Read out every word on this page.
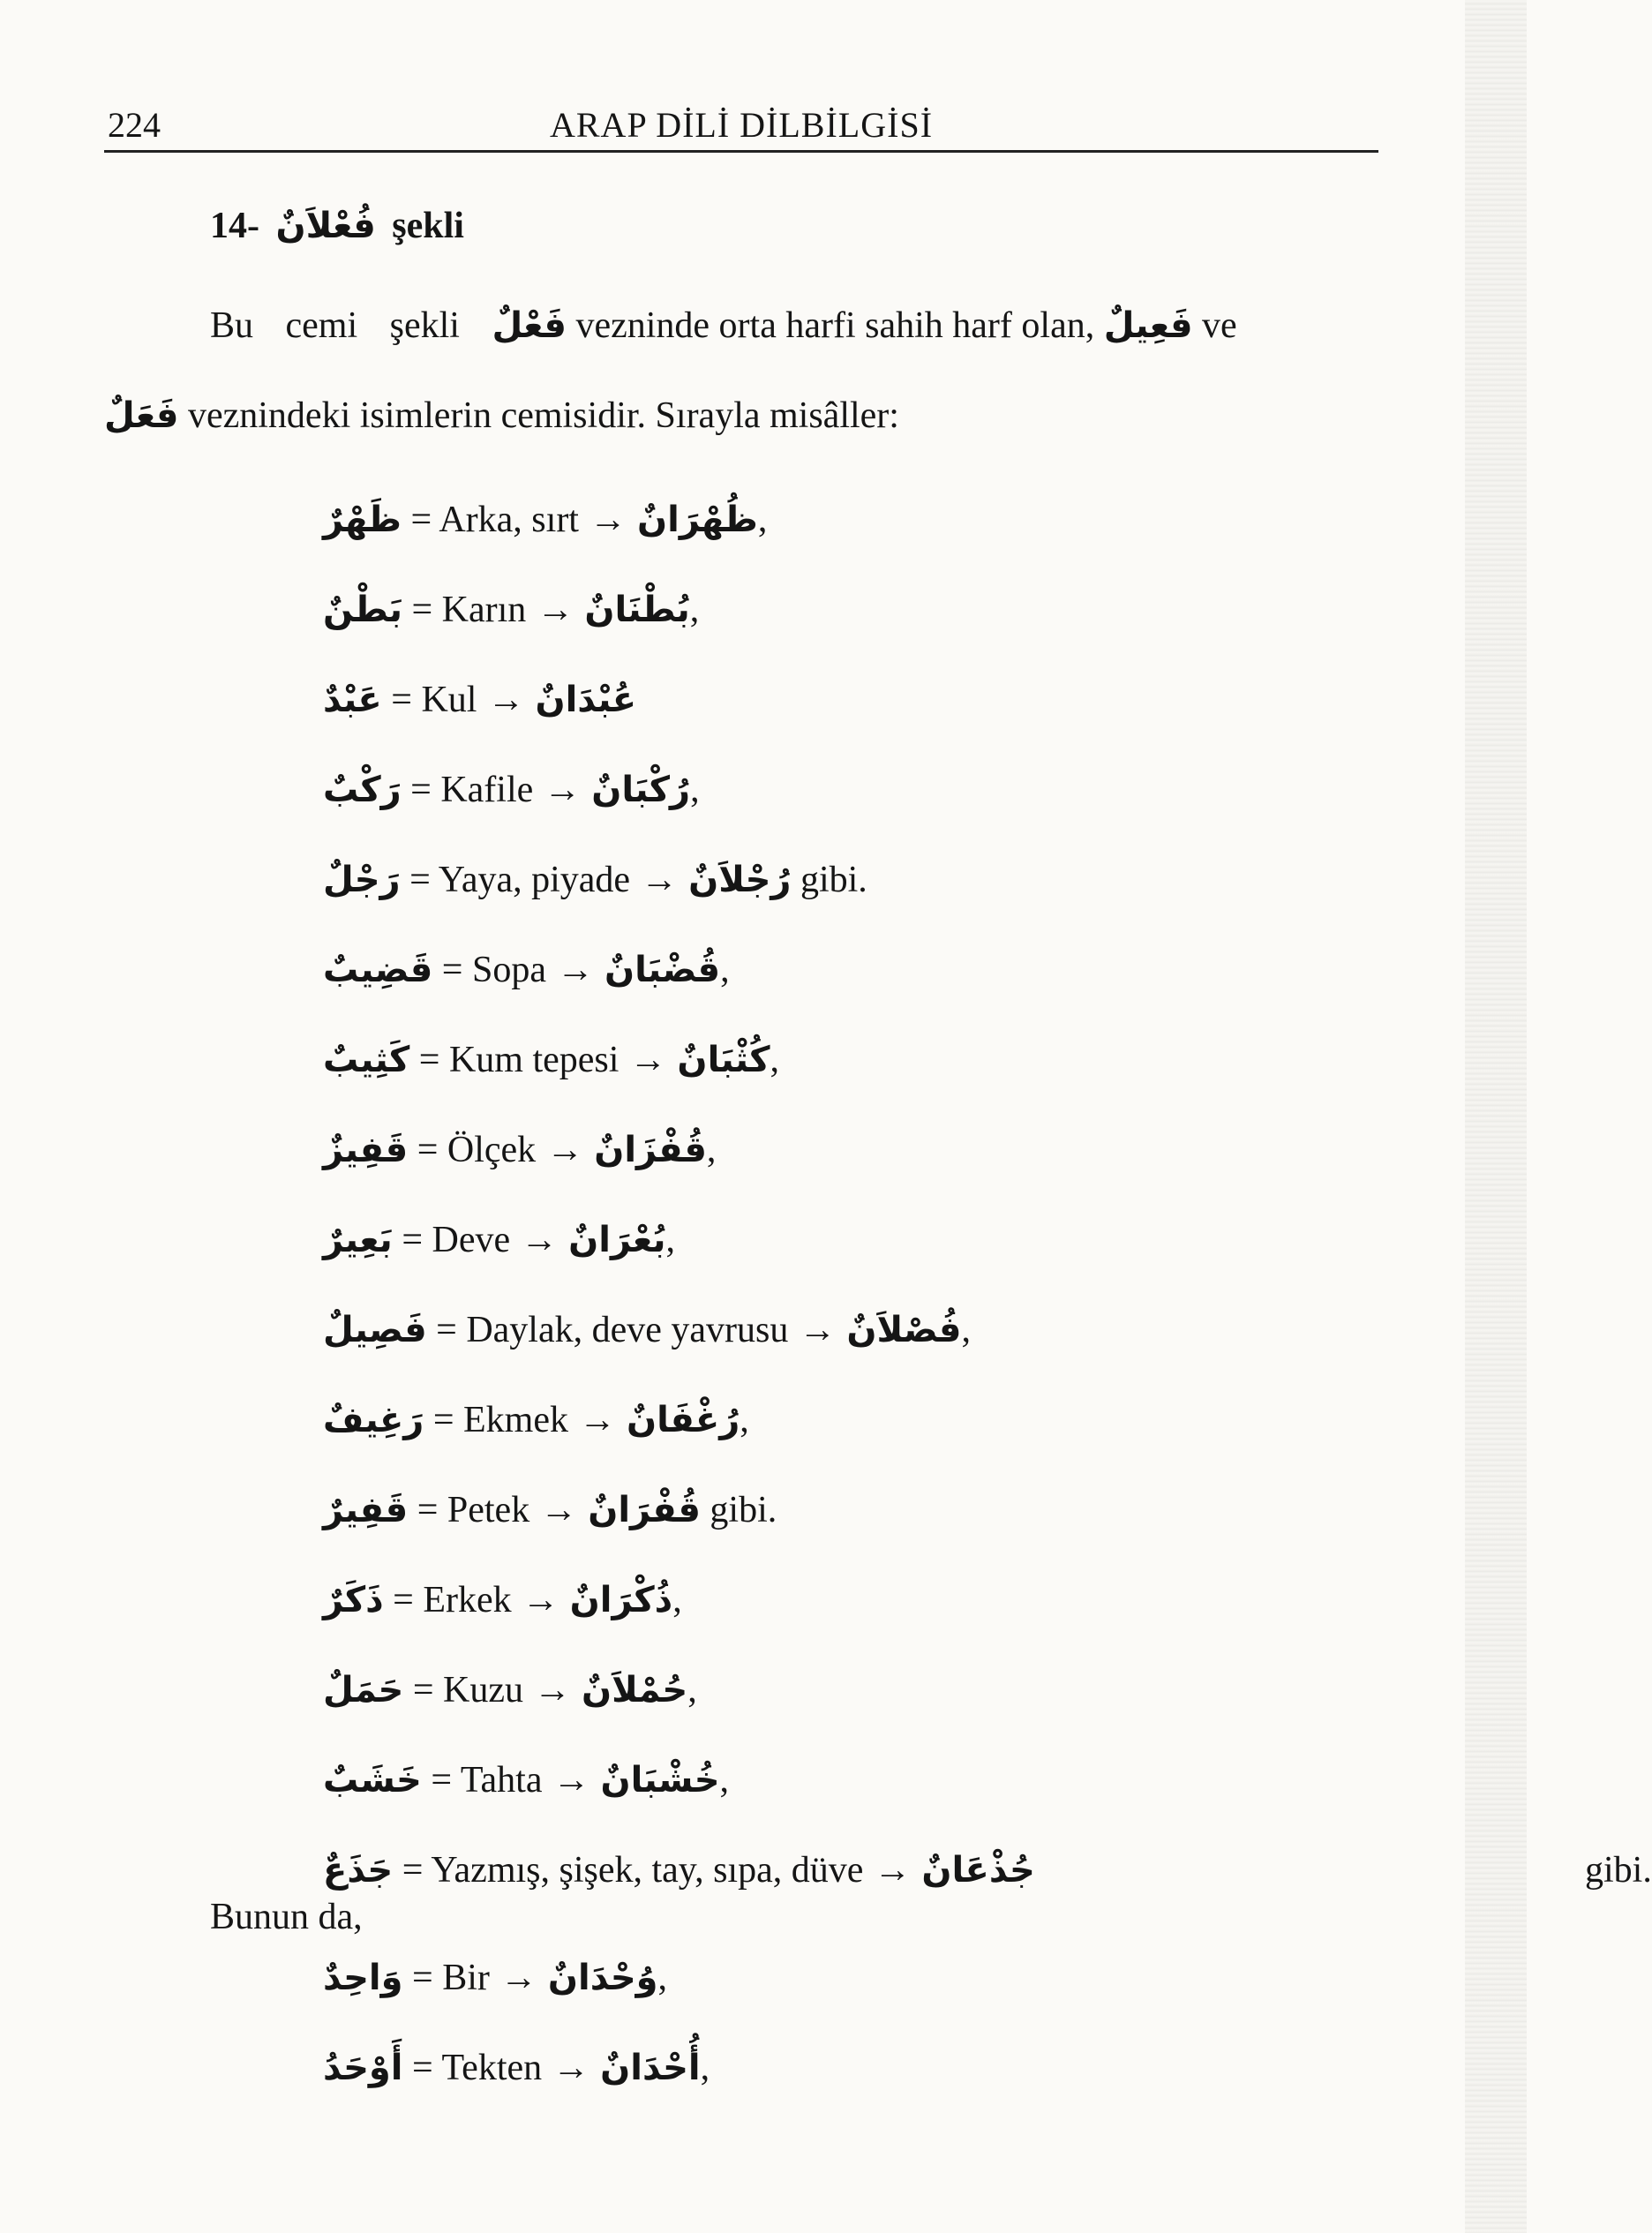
224	ARAP DİLİ DİLBİLGİSİ
14- فُعْلاَنٌ şekli
Bu cemi şekli فَعْلٌ vezninde orta harfi sahih harf olan, فَعِيلٌ ve
فَعَلٌ veznindeki isimlerin cemisidir. Sırayla misâller:
ظَهْرٌ = Arka, sırt → ظُهْرَانٌ,
بَطْنٌ = Karın → بُطْنَانٌ,
عَبْدٌ = Kul → عُبْدَانٌ
رَكْبٌ = Kafile → رُكْبَانٌ,
رَجْلٌ = Yaya, piyade → رُجْلاَنٌ gibi.
قَضِيبٌ = Sopa → قُضْبَانٌ,
كَثِيبٌ = Kum tepesi → كُثْبَانٌ,
قَفِيزٌ = Ölçek → قُفْزَانٌ,
بَعِيرٌ = Deve → بُعْرَانٌ,
فَصِيلٌ = Daylak, deve yavrusu → فُصْلاَنٌ,
رَغِيفٌ = Ekmek → رُغْفَانٌ,
قَفِيرٌ = Petek → قُفْرَانٌ gibi.
ذَكَرٌ = Erkek → ذُكْرَانٌ,
حَمَلٌ = Kuzu → حُمْلاَنٌ,
خَشَبٌ = Tahta → خُشْبَانٌ,
جَذَعٌ = Yazmış, şişek, tay, sıpa, düve → جُذْعَانٌ	gibi.
Bunun da,
وَاحِدٌ = Bir → وُحْدَانٌ,
أَوْحَدُ = Tekten → أُحْدَانٌ,
